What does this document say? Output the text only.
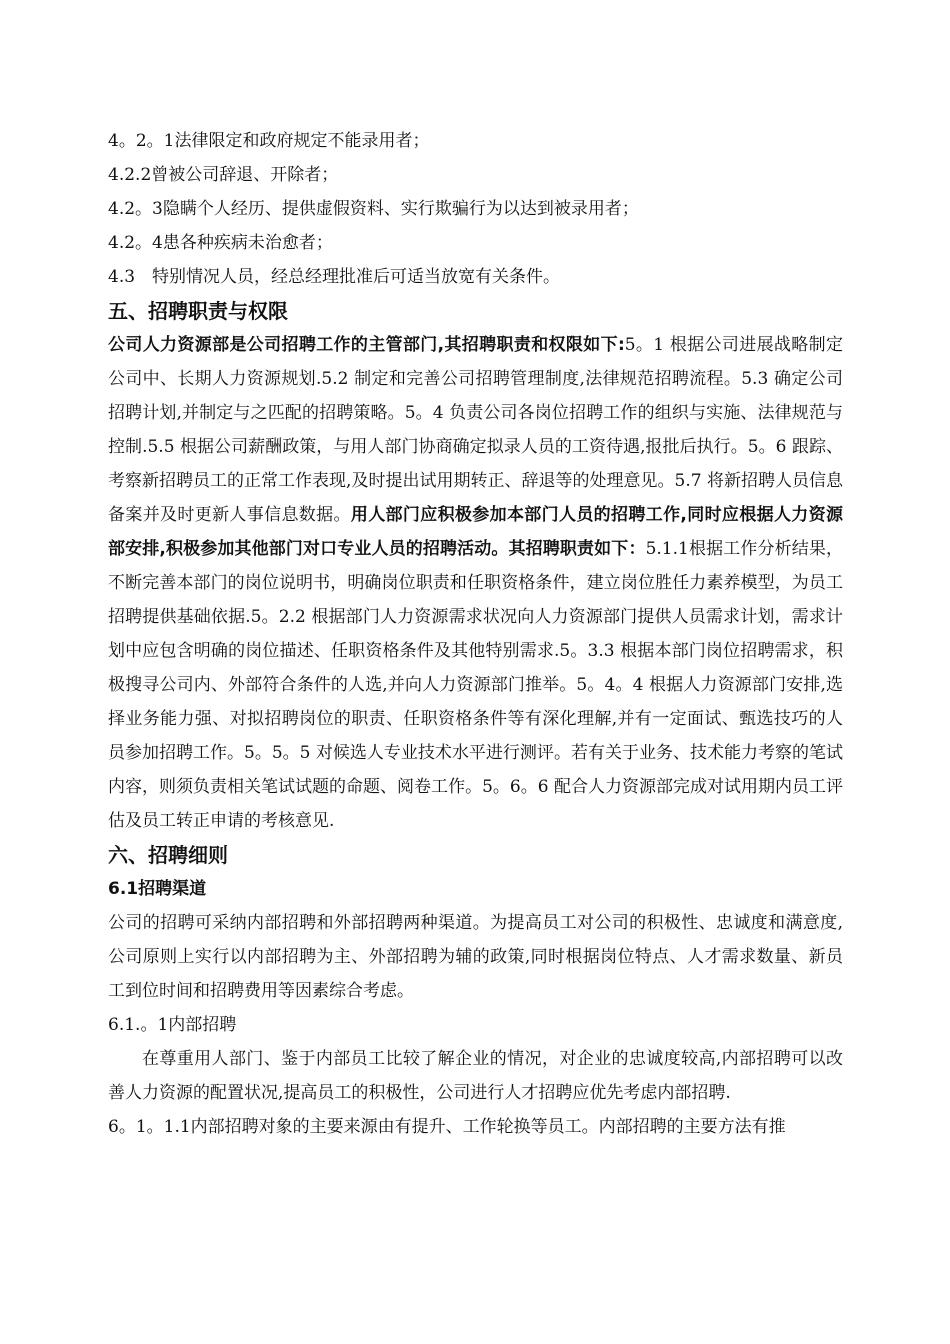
4。2。1法律限定和政府规定不能录用者；

4.2.2曾被公司辞退、开除者；

4.2。3隐瞒个人经历、提供虚假资料、实行欺骗行为以达到被录用者；

4.2。4患各种疾病未治愈者；

4.3　特别情况人员，经总经理批准后可适当放宽有关条件。

五、招聘职责与权限

公司人力资源部是公司招聘工作的主管部门,其招聘职责和权限如下:5。1 根据公司进展战略制定公司中、长期人力资源规划.5.2 制定和完善公司招聘管理制度,法律规范招聘流程。5.3 确定公司招聘计划,并制定与之匹配的招聘策略。5。4 负责公司各岗位招聘工作的组织与实施、法律规范与控制.5.5 根据公司薪酬政策，与用人部门协商确定拟录人员的工资待遇,报批后执行。5。6 跟踪、考察新招聘员工的正常工作表现,及时提出试用期转正、辞退等的处理意见。5.7 将新招聘人员信息备案并及时更新人事信息数据。用人部门应积极参加本部门人员的招聘工作,同时应根据人力资源部安排,积极参加其他部门对口专业人员的招聘活动。其招聘职责如下：5.1.1根据工作分析结果，不断完善本部门的岗位说明书，明确岗位职责和任职资格条件，建立岗位胜任力素养模型，为员工招聘提供基础依据.5。2.2 根据部门人力资源需求状况向人力资源部门提供人员需求计划，需求计划中应包含明确的岗位描述、任职资格条件及其他特别需求.5。3.3 根据本部门岗位招聘需求，积极搜寻公司内、外部符合条件的人选,并向人力资源部门推举。5。4。4 根据人力资源部门安排,选择业务能力强、对拟招聘岗位的职责、任职资格条件等有深化理解,并有一定面试、甄选技巧的人员参加招聘工作。5。5。5 对候选人专业技术水平进行测评。若有关于业务、技术能力考察的笔试内容，则须负责相关笔试试题的命题、阅卷工作。5。6。6 配合人力资源部完成对试用期内员工评估及员工转正申请的考核意见.

六、招聘细则
6.1招聘渠道

公司的招聘可采纳内部招聘和外部招聘两种渠道。为提高员工对公司的积极性、忠诚度和满意度,公司原则上实行以内部招聘为主、外部招聘为辅的政策,同时根据岗位特点、人才需求数量、新员工到位时间和招聘费用等因素综合考虑。

6.1.。1内部招聘

在尊重用人部门、鉴于内部员工比较了解企业的情况，对企业的忠诚度较高,内部招聘可以改善人力资源的配置状况,提高员工的积极性，公司进行人才招聘应优先考虑内部招聘.

6。1。1.1内部招聘对象的主要来源由有提升、工作轮换等员工。内部招聘的主要方法有推
